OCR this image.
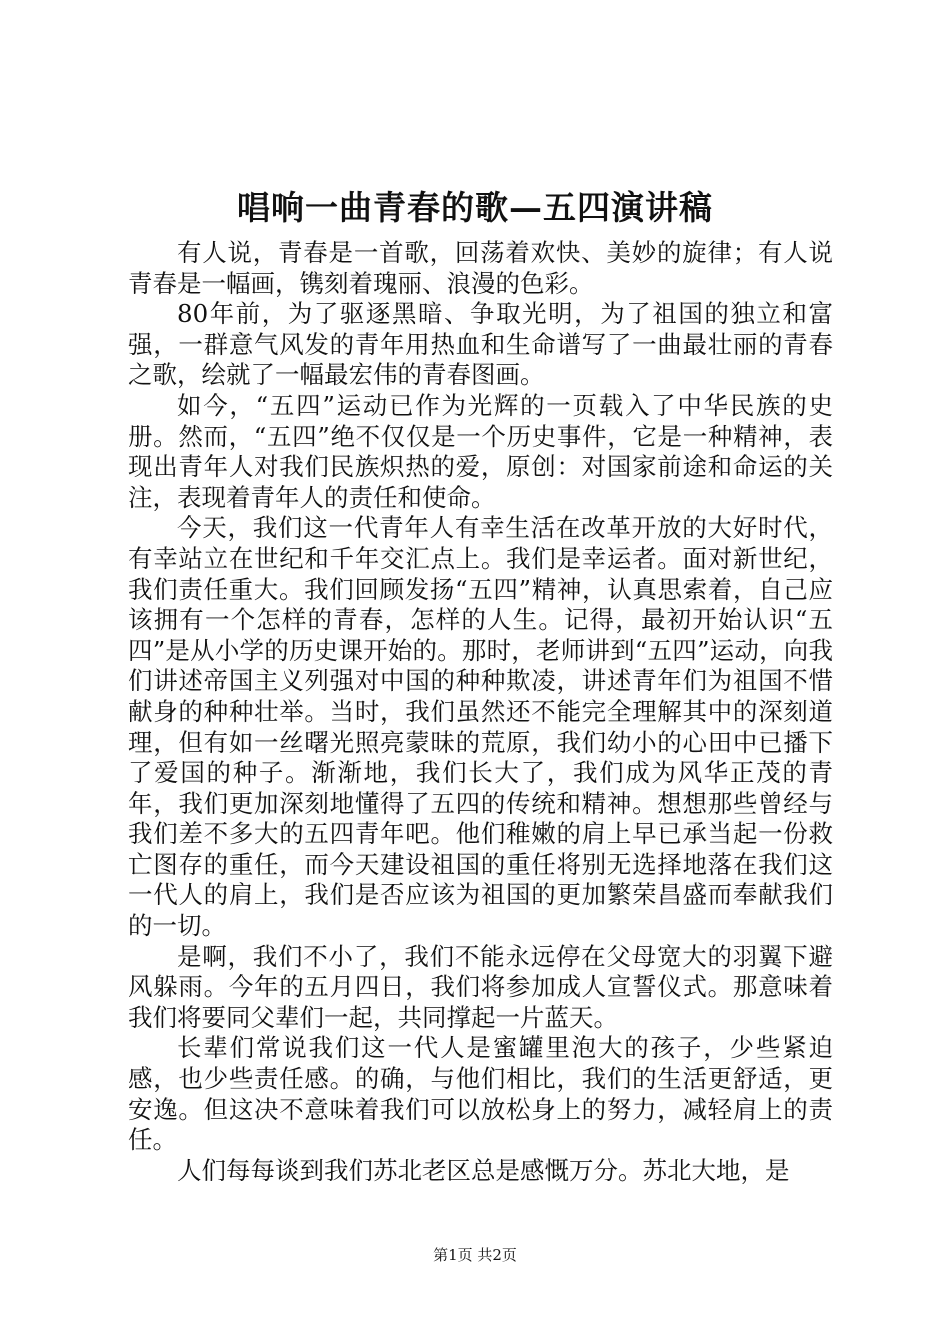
唱响一曲青春的歌—五四演讲稿

有人说，青春是一首歌，回荡着欢快、美妙的旋律；有人说青春是一幅画，镌刻着瑰丽、浪漫的色彩。

80年前，为了驱逐黑暗、争取光明，为了祖国的独立和富强，一群意气风发的青年用热血和生命谱写了一曲最壮丽的青春之歌，绘就了一幅最宏伟的青春图画。

如今，“五四”运动已作为光辉的一页载入了中华民族的史册。然而，“五四”绝不仅仅是一个历史事件，它是一种精神，表现出青年人对我们民族炽热的爱，原创：对国家前途和命运的关注，表现着青年人的责任和使命。

今天，我们这一代青年人有幸生活在改革开放的大好时代，有幸站立在世纪和千年交汇点上。我们是幸运者。面对新世纪，我们责任重大。我们回顾发扬“五四”精神，认真思索着，自己应该拥有一个怎样的青春，怎样的人生。记得，最初开始认识“五四”是从小学的历史课开始的。那时，老师讲到“五四”运动，向我们讲述帝国主义列强对中国的种种欺凌，讲述青年们为祖国不惜献身的种种壮举。当时，我们虽然还不能完全理解其中的深刻道理，但有如一丝曙光照亮蒙昧的荒原，我们幼小的心田中已播下了爱国的种子。渐渐地，我们长大了，我们成为风华正茂的青年，我们更加深刻地懂得了五四的传统和精神。想想那些曾经与我们差不多大的五四青年吧。他们稚嫩的肩上早已承当起一份救亡图存的重任，而今天建设祖国的重任将别无选择地落在我们这一代人的肩上，我们是否应该为祖国的更加繁荣昌盛而奉献我们的一切。

是啊，我们不小了，我们不能永远停在父母宽大的羽翼下避风躲雨。今年的五月四日，我们将参加成人宣誓仪式。那意味着我们将要同父辈们一起，共同撑起一片蓝天。

长辈们常说我们这一代人是蜜罐里泡大的孩子，少些紧迫感，也少些责任感。的确，与他们相比，我们的生活更舒适，更安逸。但这决不意味着我们可以放松身上的努力，减轻肩上的责任。

人们每每谈到我们苏北老区总是感慨万分。苏北大地，是

第1页 共2页
